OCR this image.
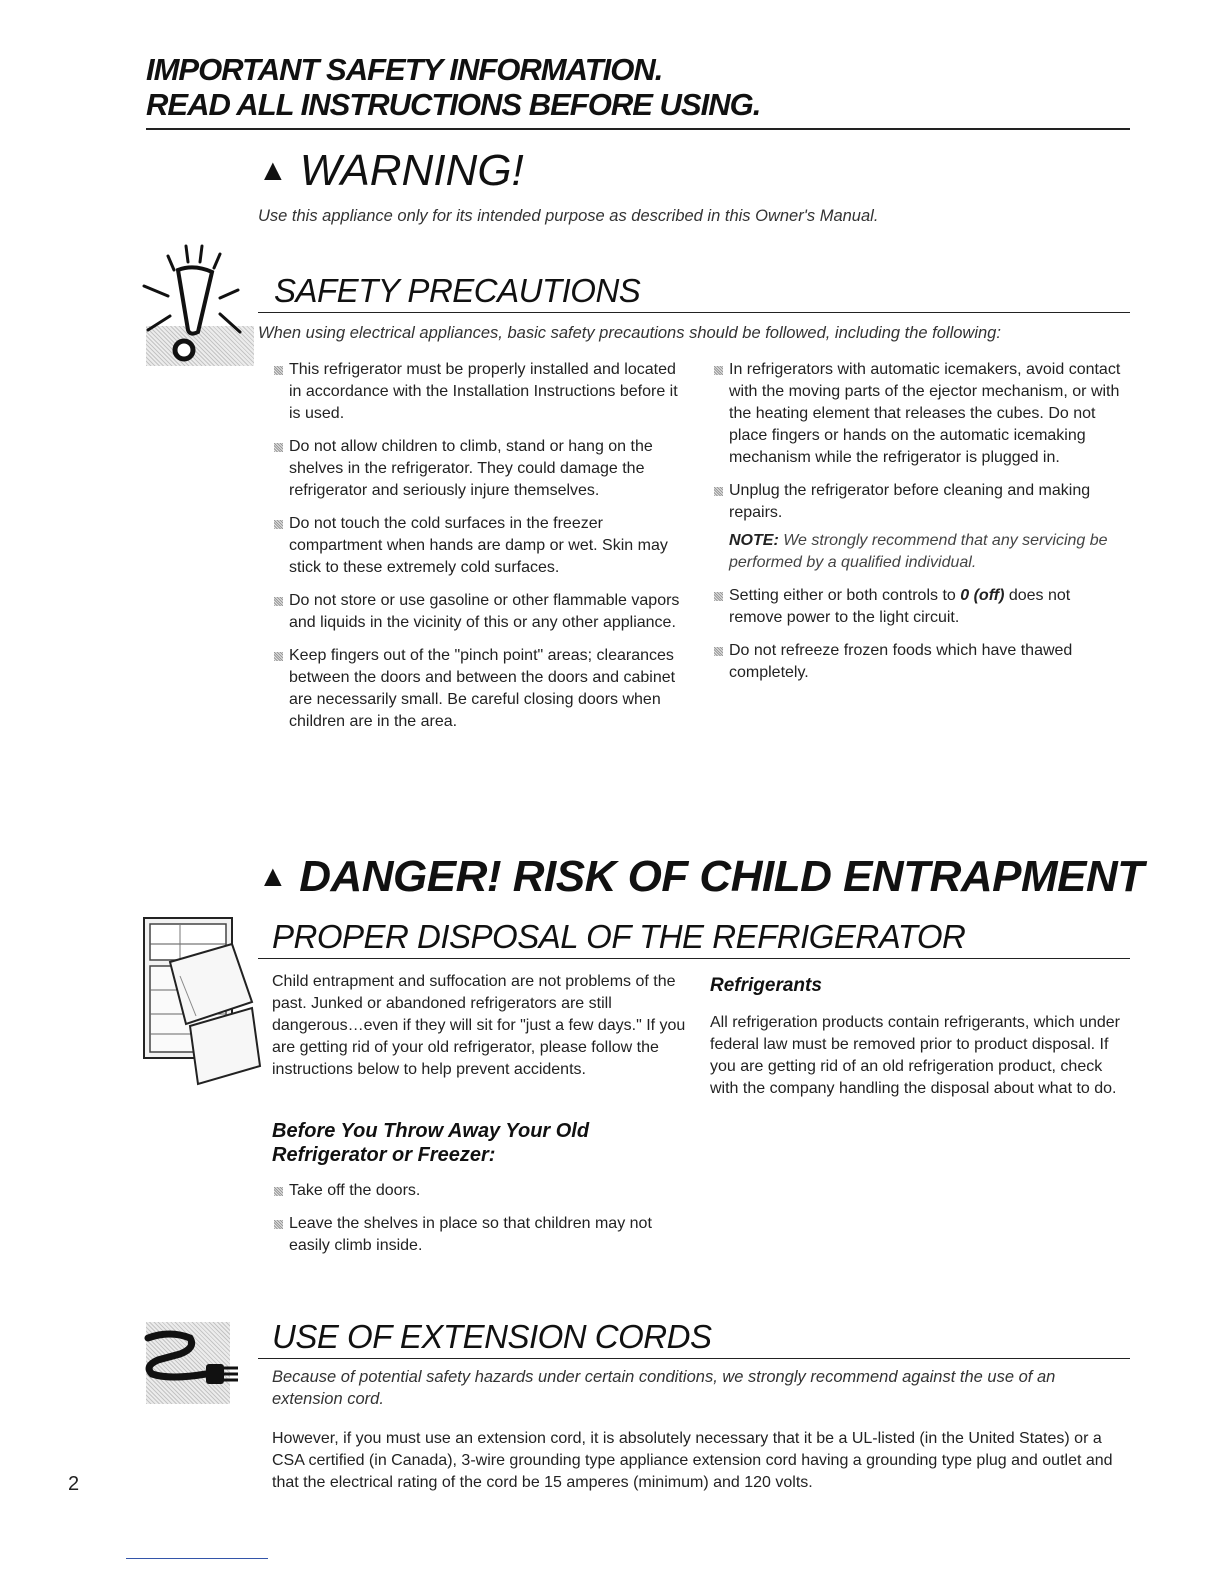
IMPORTANT SAFETY INFORMATION.
READ ALL INSTRUCTIONS BEFORE USING.
▲ WARNING!
Use this appliance only for its intended purpose as described in this Owner's Manual.
SAFETY PRECAUTIONS
When using electrical appliances, basic safety precautions should be followed, including the following:
This refrigerator must be properly installed and located in accordance with the Installation Instructions before it is used.
Do not allow children to climb, stand or hang on the shelves in the refrigerator. They could damage the refrigerator and seriously injure themselves.
Do not touch the cold surfaces in the freezer compartment when hands are damp or wet. Skin may stick to these extremely cold surfaces.
Do not store or use gasoline or other flammable vapors and liquids in the vicinity of this or any other appliance.
Keep fingers out of the "pinch point" areas; clearances between the doors and between the doors and cabinet are necessarily small. Be careful closing doors when children are in the area.
In refrigerators with automatic icemakers, avoid contact with the moving parts of the ejector mechanism, or with the heating element that releases the cubes. Do not place fingers or hands on the automatic icemaking mechanism while the refrigerator is plugged in.
Unplug the refrigerator before cleaning and making repairs.
NOTE: We strongly recommend that any servicing be performed by a qualified individual.
Setting either or both controls to 0 (off) does not remove power to the light circuit.
Do not refreeze frozen foods which have thawed completely.
▲ DANGER! RISK OF CHILD ENTRAPMENT
PROPER DISPOSAL OF THE REFRIGERATOR
Child entrapment and suffocation are not problems of the past. Junked or abandoned refrigerators are still dangerous…even if they will sit for "just a few days." If you are getting rid of your old refrigerator, please follow the instructions below to help prevent accidents.
Before You Throw Away Your Old Refrigerator or Freezer:
Take off the doors.
Leave the shelves in place so that children may not easily climb inside.
Refrigerants
All refrigeration products contain refrigerants, which under federal law must be removed prior to product disposal. If you are getting rid of an old refrigeration product, check with the company handling the disposal about what to do.
USE OF EXTENSION CORDS
Because of potential safety hazards under certain conditions, we strongly recommend against the use of an extension cord.
However, if you must use an extension cord, it is absolutely necessary that it be a UL-listed (in the United States) or a CSA certified (in Canada), 3-wire grounding type appliance extension cord having a grounding type plug and outlet and that the electrical rating of the cord be 15 amperes (minimum) and 120 volts.
2
